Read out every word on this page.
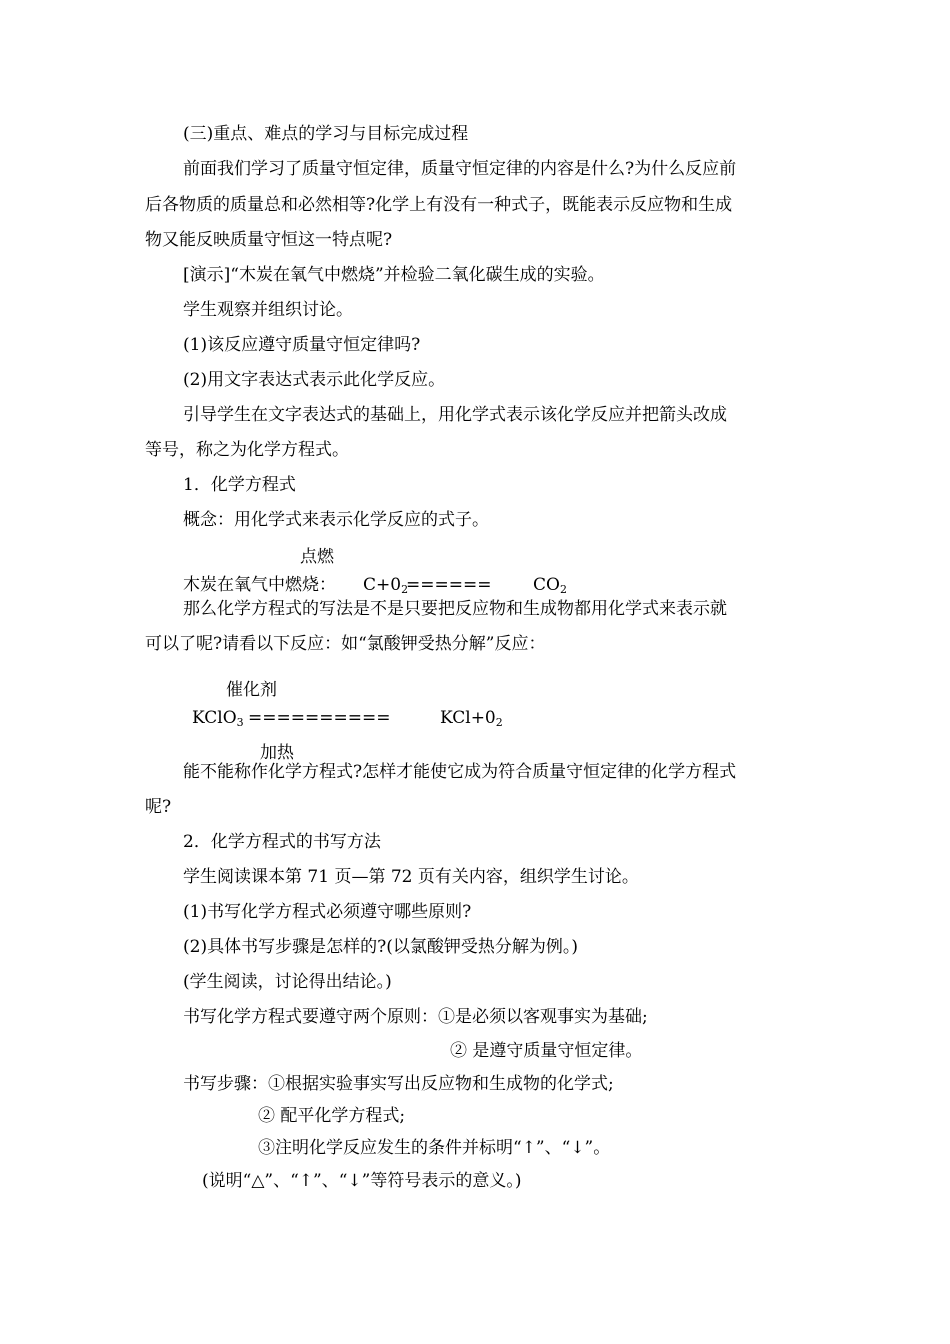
(三)重点、难点的学习与目标完成过程
前面我们学习了质量守恒定律，质量守恒定律的内容是什么?为什么反应前
后各物质的质量总和必然相等?化学上有没有一种式子，既能表示反应物和生成
物又能反映质量守恒这一特点呢?
[演示]“木炭在氧气中燃烧”并检验二氧化碳生成的实验。
学生观察并组织讨论。
(1)该反应遵守质量守恒定律吗?
(2)用文字表达式表示此化学反应。
引导学生在文字表达式的基础上，用化学式表示该化学反应并把箭头改成
等号，称之为化学方程式。
1．化学方程式
概念：用化学式来表示化学反应的式子。
点燃
木炭在氧气中燃烧： $C+0_2$
====== $CO_2$
那么化学方程式的写法是不是只要把反应物和生成物都用化学式来表示就
可以了呢?请看以下反应：如“氯酸钾受热分解”反应：
催化剂
KClO$_3$ ==========	$KCl+0_2$
加热
能不能称作化学方程式?怎样才能使它成为符合质量守恒定律的化学方程式
呢?
2．化学方程式的书写方法
学生阅读课本第 71 页—第 72 页有关内容，组织学生讨论。
(1)书写化学方程式必须遵守哪些原则?
(2)具体书写步骤是怎样的?(以氯酸钾受热分解为例。)
(学生阅读，讨论得出结论。)
书写化学方程式要遵守两个原则：①是必须以客观事实为基础;
② 是遵守质量守恒定律。
书写步骤：①根据实验事实写出反应物和生成物的化学式;
② 配平化学方程式;
③注明化学反应发生的条件并标明“↑”、“↓”。
(说明“△”、“↑”、“↓”等符号表示的意义。)
